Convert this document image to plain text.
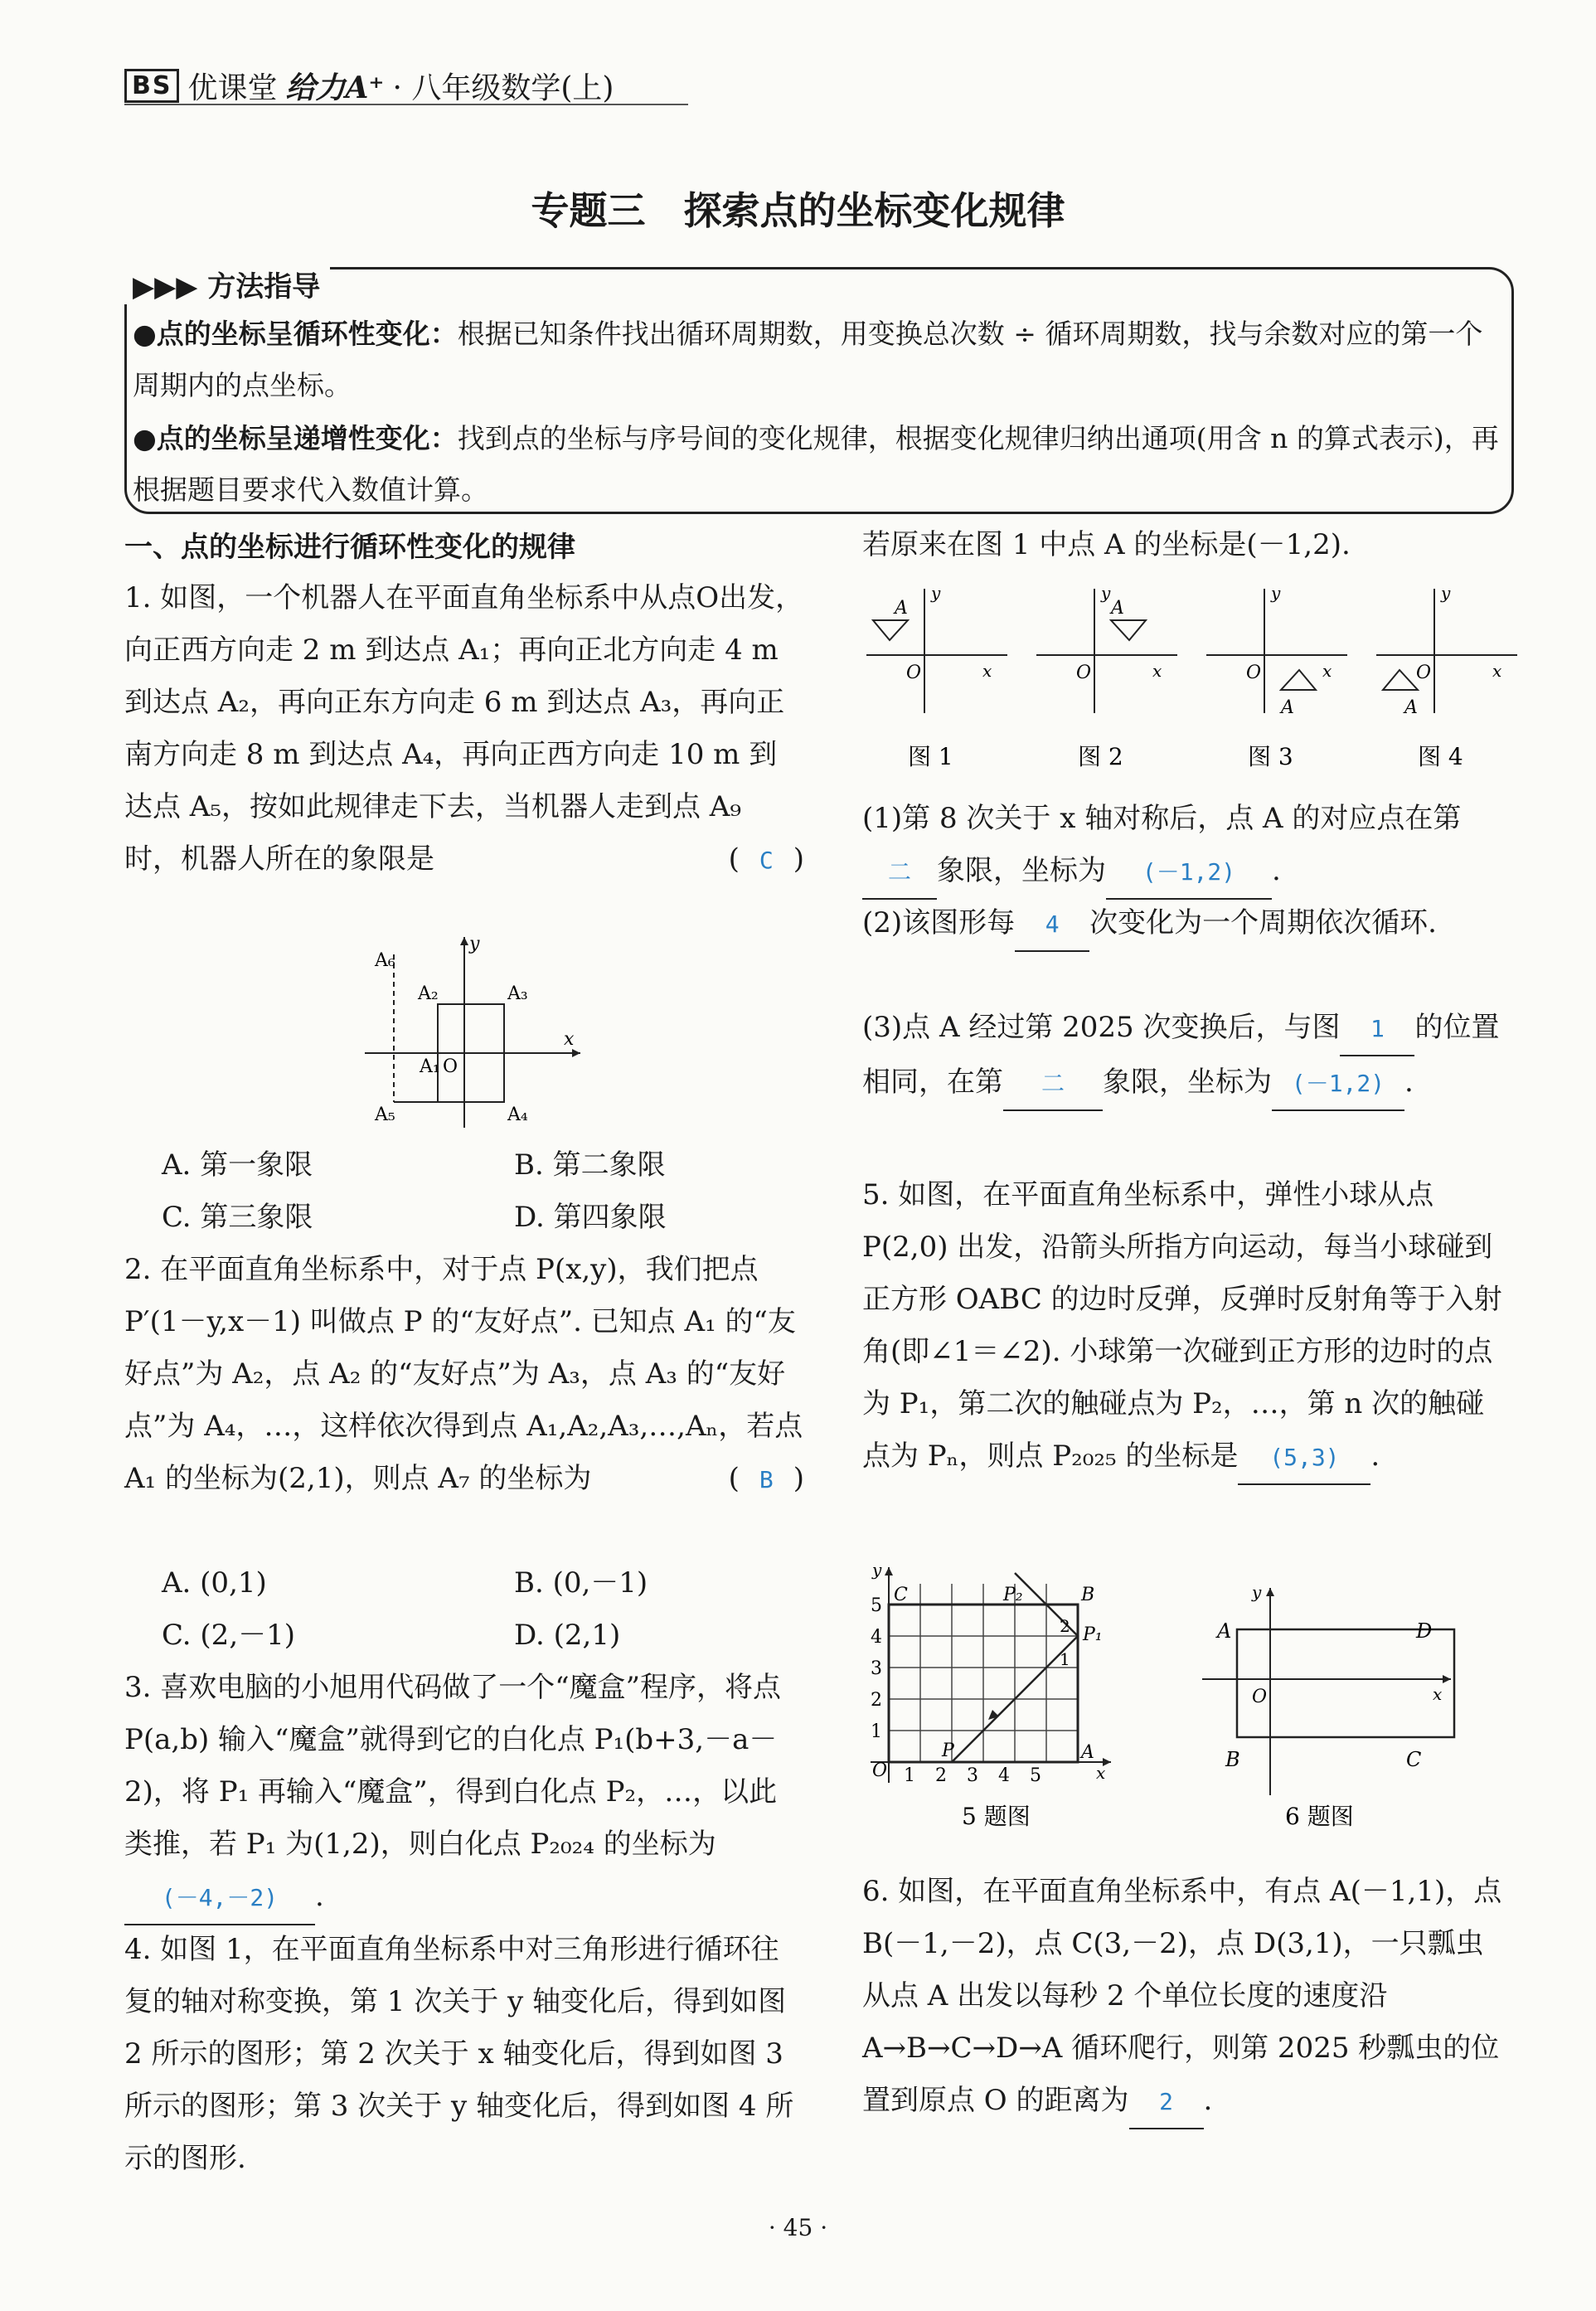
BS 优课堂 给力A⁺ · 八年级数学(上)
专题三　探索点的坐标变化规律
▶▶▶ 方法指导
●点的坐标呈循环性变化：根据已知条件找出循环周期数，用变换总次数 ÷ 循环周期数，找与余数对应的第一个周期内的点坐标。
●点的坐标呈递增性变化：找到点的坐标与序号间的变化规律，根据变化规律归纳出通项(用含 n 的算式表示)，再根据题目要求代入数值计算。
一、点的坐标进行循环性变化的规律
1. 如图，一个机器人在平面直角坐标系中从点O出发，向正西方向走 2 m 到达点 A₁；再向正北方向走 4 m 到达点 A₂，再向正东方向走 6 m 到达点 A₃，再向正南方向走 8 m 到达点 A₄，再向正西方向走 10 m 到达点 A₅，按如此规律走下去，当机器人走到点 A₉ 时，机器人所在的象限是	( C )
A₆
A₂	A₃
A₁ O
A₅	A₄
x
y
A. 第一象限	B. 第二象限
C. 第三象限	D. 第四象限
2. 在平面直角坐标系中，对于点 P(x,y)，我们把点 P′(1－y,x－1) 叫做点 P 的“友好点”. 已知点 A₁ 的“友好点”为 A₂，点 A₂ 的“友好点”为 A₃，点 A₃ 的“友好点”为 A₄，…，这样依次得到点 A₁,A₂,A₃,…,Aₙ，若点 A₁ 的坐标为(2,1)，则点 A₇ 的坐标为	( B )
A. (0,1)	B. (0,－1)
C. (2,－1)	D. (2,1)
3. 喜欢电脑的小旭用代码做了一个“魔盒”程序，将点 P(a,b) 输入“魔盒”就得到它的白化点 P₁(b+3,－a－2)，将 P₁ 再输入“魔盒”，得到白化点 P₂，…，以此类推，若 P₁ 为(1,2)，则白化点 P₂₀₂₄ 的坐标为(－4,－2) .
4. 如图 1，在平面直角坐标系中对三角形进行循环往复的轴对称变换，第 1 次关于 y 轴变化后，得到如图 2 所示的图形；第 2 次关于 x 轴变化后，得到如图 3 所示的图形；第 3 次关于 y 轴变化后，得到如图 4 所示的图形.
若原来在图 1 中点 A 的坐标是(－1,2).
A
y
O	x
图 1
A
y
O	x
图 2
A
y
O	x
图 3
A
y
O	x
图 4
(1)第 8 次关于 x 轴对称后，点 A 的对应点在第二 象限，坐标为 (－1,2) .
(2)该图形每 4 次变化为一个周期依次循环.
(3)点 A 经过第 2025 次变换后，与图 1 的位置相同，在第 二 象限，坐标为 (－1,2) .
5. 如图，在平面直角坐标系中，弹性小球从点 P(2,0) 出发，沿箭头所指方向运动，每当小球碰到正方形 OABC 的边时反弹，反弹时反射角等于入射角(即∠1＝∠2). 小球第一次碰到正方形的边时的点为 P₁，第二次的触碰点为 P₂，…，第 n 次的触碰点为 Pₙ，则点 P₂₀₂₅ 的坐标是 (5,3) .
O 1 2 3 4 5
1
2
3
4
5
C	P₂	B
P₁
A
P
x
y
2
1
5 题图
A	D
B	C
O	x
y
6 题图
6. 如图，在平面直角坐标系中，有点 A(－1,1)，点 B(－1,－2)，点 C(3,－2)，点 D(3,1)，一只瓢虫从点 A 出发以每秒 2 个单位长度的速度沿 A→B→C→D→A 循环爬行，则第 2025 秒瓢虫的位置到原点 O 的距离为 2 .
· 45 ·
